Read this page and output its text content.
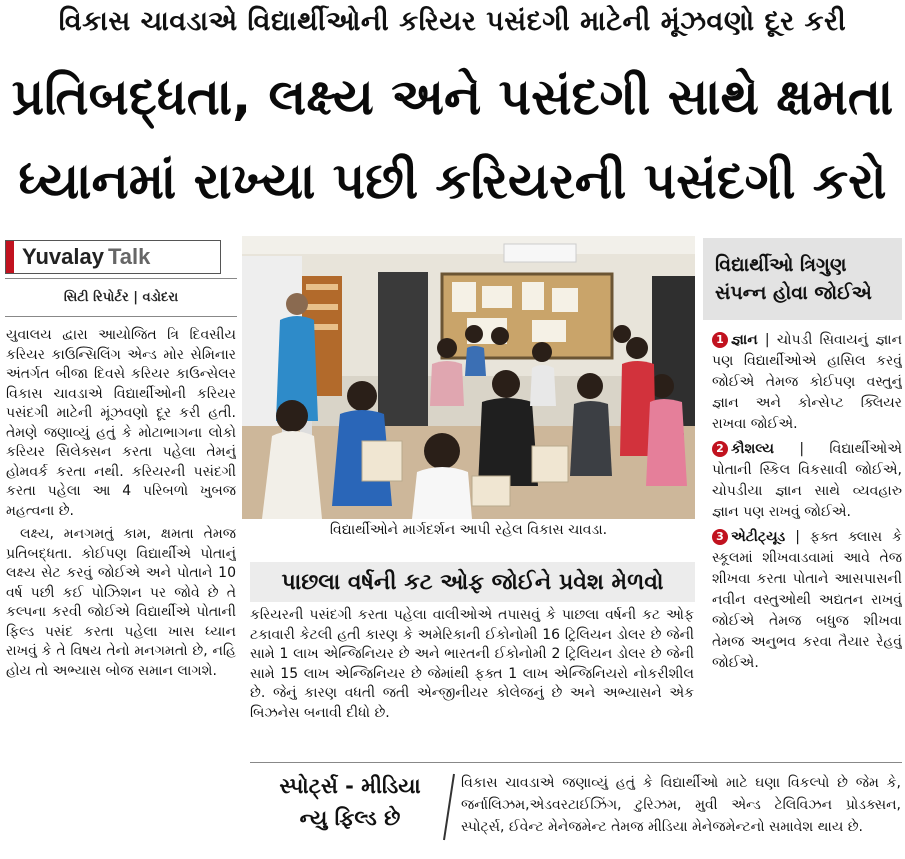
વિકાસ ચાવડાએ વિદ્યાર્થીઓની કરિયર પસંદગી માટેની મૂંઝવણો દૂર કરી
પ્રતિબદ્ધતા, લક્ષ્ય અને પસંદગી સાથે ક્ષમતા
ધ્યાનમાં રાખ્યા પછી કરિયરની પસંદગી કરો
Yuvalay Talk
સિટી રિપોર્ટર | વડોદરા

યુવાલય દ્વારા આયોજિત ત્રિ દિવસીય કરિયર કાઉન્સિલિંગ એન્ડ મોર સેમિનાર અંતર્ગત બીજા દિવસે કરિયર કાઉન્સેલર વિકાસ ચાવડાએ વિદ્યાર્થીઓની કરિયર પસંદગી માટેની મૂંઝવણો દૂર કરી હતી. તેમણે જણાવ્યું હતું કે મોટાભાગના લોકો કરિયર સિલેક્સન કરતા પહેલા તેમનું હોમવર્ક કરતા નથી. કરિયરની પસંદગી કરતા પહેલા આ 4 પરિબળો ખુબજ મહત્વના છે.

લક્ષ્ય, મનગમતું કામ, ક્ષમતા તેમજ પ્રતિબદ્ધતા. કોઈપણ વિદ્યાર્થીએ પોતાનું લક્ષ્ય સેટ કરવું જોઈએ અને પોતાને 10 વર્ષ પછી કઈ પોઝિશન પર જોવે છે તે કલ્પના કરવી જોઈએ વિદ્યાર્થીએ પોતાની ફિલ્ડ પસંદ કરતા પહેલા ખાસ ધ્યાન રાખવું કે તે વિષય તેનો મનગમતો છે, નહિ હોય તો અભ્યાસ બોજ સમાન લાગશે.

વિદ્યાર્થીઓને માર્ગદર્શન આપી રહેલ વિકાસ ચાવડા.
પાછલા વર્ષની કટ ઓફ જોઈને પ્રવેશ મેળવો
કરિયરની પસંદગી કરતા પહેલા વાલીઓએ તપાસવું કે પાછલા વર્ષની કટ ઓફ ટકાવારી કેટલી હતી કારણ કે અમેરિકાની ઈકોનોમી 16 ટ્રિલિયન ડોલર છે જેની સામે 1 લાખ એન્જિનિયર છે અને ભારતની ઈકોનોમી 2 ટ્રિલિયન ડોલર છે જેની સામે 15 લાખ એન્જિનિયર છે જેમાંથી ફક્ત 1 લાખ એન્જિનિયરો નોકરીશીલ છે. જેનું કારણ વધતી જતી એન્જીનીયર કોલેજનું છે અને અભ્યાસને એક બિઝનેસ બનાવી દીધો છે.
વિદ્યાર્થીઓ ત્રિગુણ
સંપન્ન હોવા જોઈએ

1 જ્ઞાન | ચોપડી સિવાયનું જ્ઞાન પણ વિદ્યાર્થીઓએ હાસિલ કરવું જોઈએ તેમજ કોઈપણ વસ્તુનું જ્ઞાન અને કોન્સેપ્ટ ક્લિયર રાખવા જોઈએ.

2 કૌશલ્ય | વિદ્યાર્થીઓએ પોતાની સ્કિલ વિકસાવી જોઈએ, ચોપડીયા જ્ઞાન સાથે વ્યવહારુ જ્ઞાન પણ રાખવું જોઈએ.

3 એટીટ્યૂડ | ફક્ત ક્લાસ કે સ્કૂલમાં શીખવાડવામાં આવે તેજ શીખવા કરતા પોતાને આસપાસની નવીન વસ્તુઓથી અદ્યતન રાખવું જોઈએ તેમજ બધુજ શીખવા તેમજ અનુભવ કરવા તૈયાર રેહવું જોઈએ.

સ્પોર્ટ્સ - મીડિયા
ન્યુ ફિલ્ડ છે
વિકાસ ચાવડાએ જણાવ્યું હતું કે વિદ્યાર્થીઓ માટે ઘણા વિકલ્પો છે જેમ કે, જર્નાલિઝમ,એડવરટાઈઝિંગ, ટુરિઝમ, મુવી એન્ડ ટેલિવિઝન પ્રોડક્સન, સ્પોર્ટ્સ, ઈવેન્ટ મેનેજમેન્ટ તેમજ મીડિયા મેનેજમેન્ટનો સમાવેશ થાય છે.
